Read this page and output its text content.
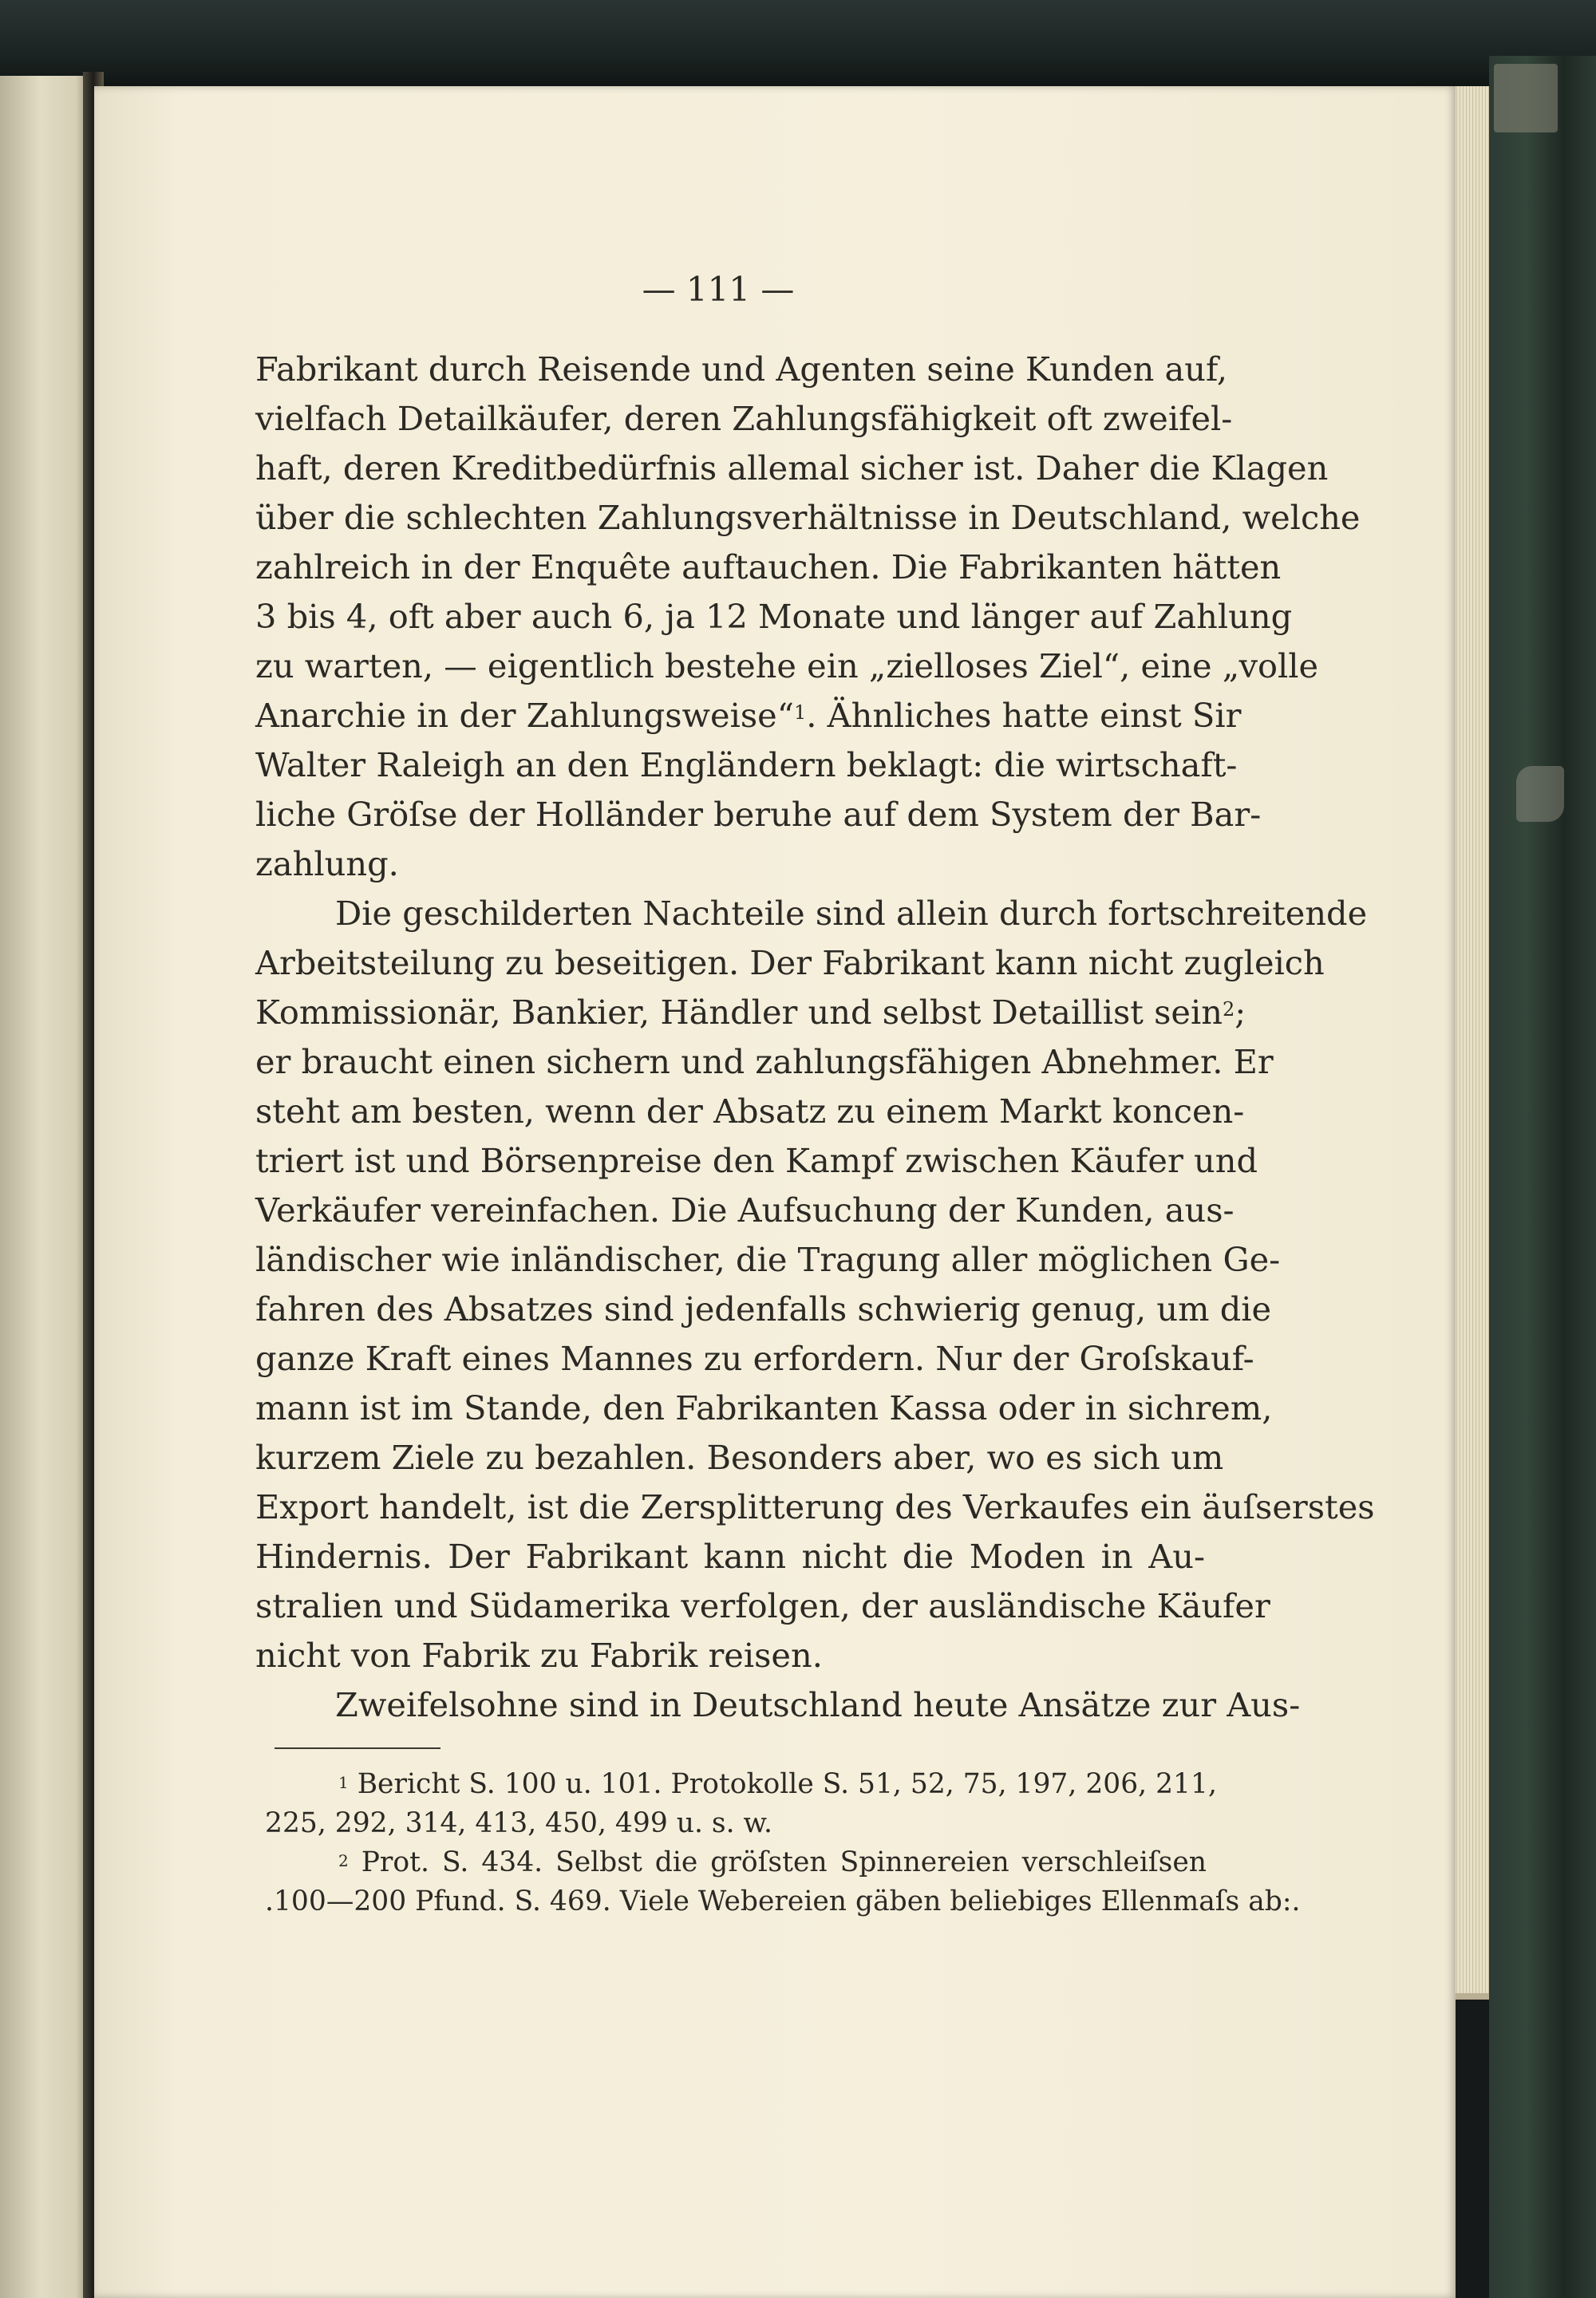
— 111 —
Fabrikant durch Reisende und Agenten seine Kunden auf,
vielfach Detailkäufer, deren Zahlungsfähigkeit oft zweifel-
haft, deren Kreditbedürfnis allemal sicher ist. Daher die Klagen
über die schlechten Zahlungsverhältnisse in Deutschland, welche
zahlreich in der Enquête auftauchen. Die Fabrikanten hätten
3 bis 4, oft aber auch 6, ja 12 Monate und länger auf Zahlung
zu warten, — eigentlich bestehe ein „zielloses Ziel“, eine „volle
Anarchie in der Zahlungsweise“$^1$. Ähnliches hatte einst Sir
Walter Raleigh an den Engländern beklagt: die wirtschaft-
liche Gröſse der Holländer beruhe auf dem System der Bar-
zahlung.
Die geschilderten Nachteile sind allein durch fortschreitende
Arbeitsteilung zu beseitigen. Der Fabrikant kann nicht zugleich
Kommissionär, Bankier, Händler und selbst Detaillist sein$^2$;
er braucht einen sichern und zahlungsfähigen Abnehmer. Er
steht am besten, wenn der Absatz zu einem Markt koncen-
triert ist und Börsenpreise den Kampf zwischen Käufer und
Verkäufer vereinfachen. Die Aufsuchung der Kunden, aus-
ländischer wie inländischer, die Tragung aller möglichen Ge-
fahren des Absatzes sind jedenfalls schwierig genug, um die
ganze Kraft eines Mannes zu erfordern. Nur der Groſskauf-
mann ist im Stande, den Fabrikanten Kassa oder in sichrem,
kurzem Ziele zu bezahlen. Besonders aber, wo es sich um
Export handelt, ist die Zersplitterung des Verkaufes ein äuſserstes
Hindernis. Der Fabrikant kann nicht die Moden in Au-
stralien und Südamerika verfolgen, der ausländische Käufer
nicht von Fabrik zu Fabrik reisen.
Zweifelsohne sind in Deutschland heute Ansätze zur Aus-
$^1$ Bericht S. 100 u. 101. Protokolle S. 51, 52, 75, 197, 206, 211,
225, 292, 314, 413, 450, 499 u. s. w.
$^2$ Prot. S. 434. Selbst die gröſsten Spinnereien verschleiſsen
.100—200 Pfund. S. 469. Viele Webereien gäben beliebiges Ellenmaſs ab:.
